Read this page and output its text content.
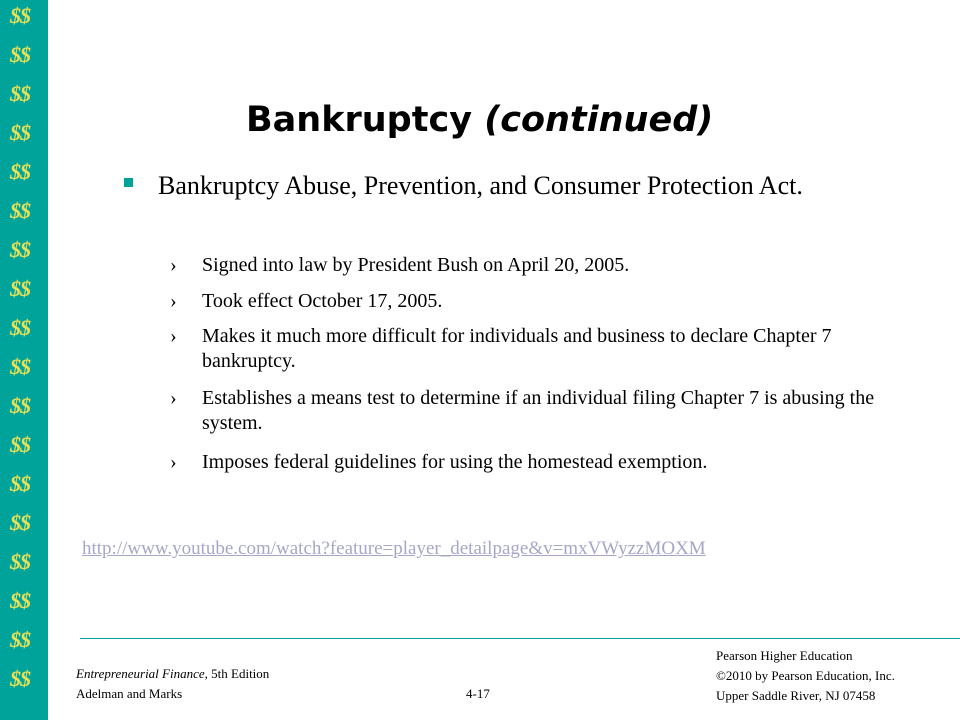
$$
$$
$$
$$
$$
$$
$$
$$
$$
$$
$$
$$
$$
$$
$$
$$
$$
$$
Bankruptcy (continued)
Bankruptcy Abuse, Prevention, and Consumer Protection Act.
›	Signed into law by President Bush on April 20, 2005.
›	Took effect October 17, 2005.
›	Makes it much more difficult for individuals and business to declare Chapter 7 bankruptcy.
›	Establishes a means test to determine if an individual filing Chapter 7 is abusing the system.
›	Imposes federal guidelines for using the homestead exemption.
http://www.youtube.com/watch?feature=player_detailpage&v=mxVWyzzMOXM
Entrepreneurial Finance, 5th Edition
Adelman and Marks	4-17
Pearson Higher Education
©2010 by Pearson Education, Inc.
Upper Saddle River, NJ 07458
